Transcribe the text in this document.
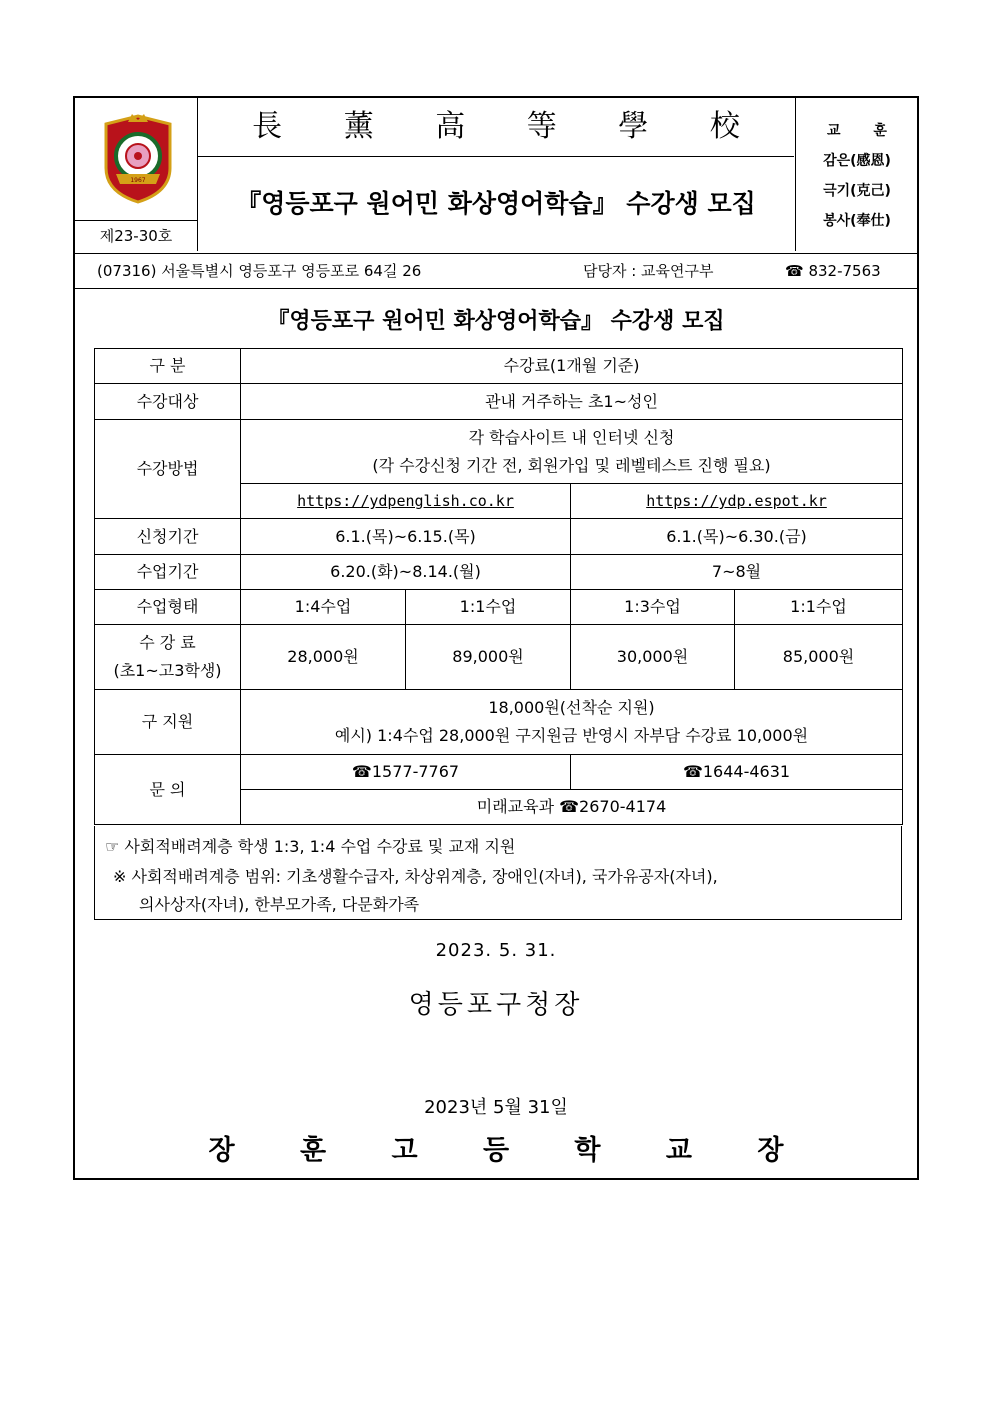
1967
제23-30호
長 薰 高 等 學 校
『영등포구 원어민 화상영어학습』 수강생 모집
교 훈
감은(感恩)
극기(克己)
봉사(奉仕)
(07316) 서울특별시 영등포구 영등포로 64길 26	담당자 : 교육연구부	☎ 832-7563
『영등포구 원어민 화상영어학습』 수강생 모집
구 분	수강료(1개월 기준)			
수강대상	관내 거주하는 초1~성인			
수강방법	각 학습사이트 내 인터넷 신청
(각 수강신청 기간 전, 회원가입 및 레벨테스트 진행 필요)			

	https://ydpenglish.co.kr		https://ydp.espot.kr	
신청기간	6.1.(목)~6.15.(목)		6.1.(목)~6.30.(금)	
수업기간	6.20.(화)~8.14.(월)		7~8월	
수업형태	1:4수업	1:1수업	1:3수업	1:1수업

수 강 료
(초1~고3학생)	28,000원	89,000원	30,000원	85,000원
구 지원	18,000원(선착순 지원)
예시) 1:4수업 28,000원 구지원금 반영시 자부담 수강료 10,000원			

문 의	☎1577-7767		☎1644-4631	
	미래교육과 ☎2670-4174			
☞ 사회적배려계층 학생 1:3, 1:4 수업 수강료 및 교재 지원
※ 사회적배려계층 범위: 기초생활수급자, 차상위계층, 장애인(자녀), 국가유공자(자녀),
의사상자(자녀), 한부모가족, 다문화가족
2023. 5. 31.
영등포구청장
2023년 5월 31일
장 훈 고 등 학 교 장
